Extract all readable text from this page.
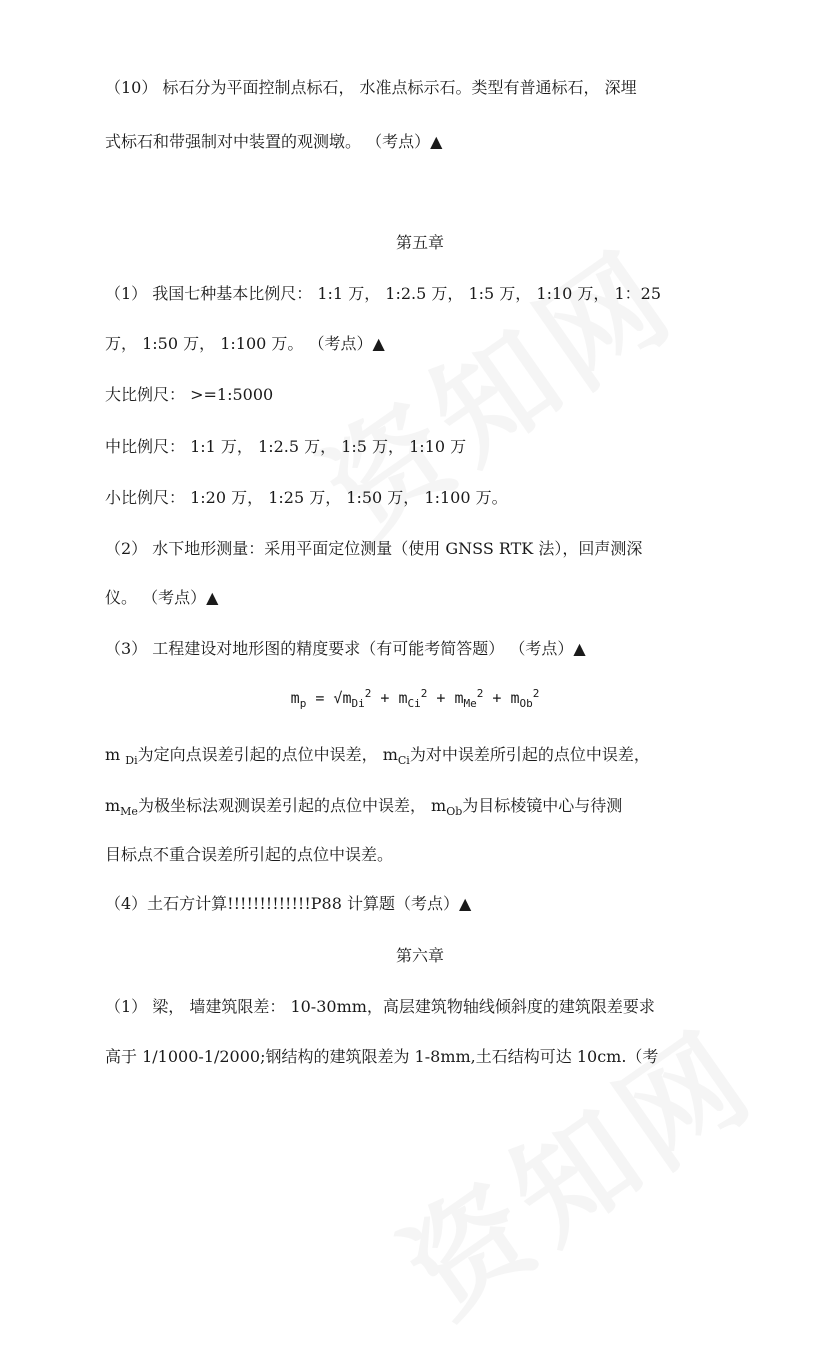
（10） 标石分为平面控制点标石， 水准点标示石。类型有普通标石， 深埋
式标石和带强制对中装置的观测墩。 （考点）▲
第五章
（1） 我国七种基本比例尺： 1:1 万， 1:2.5 万， 1:5 万， 1:10 万， 1：25
万， 1:50 万， 1:100 万。 （考点）▲
大比例尺： >=1:5000
中比例尺： 1:1 万， 1:2.5 万， 1:5 万， 1:10 万
小比例尺： 1:20 万， 1:25 万， 1:50 万， 1:100 万。
（2） 水下地形测量：采用平面定位测量（使用 GNSS RTK 法），回声测深
仪。 （考点）▲
（3） 工程建设对地形图的精度要求（有可能考简答题） （考点）▲
$m_p = √m_{Di}^2 + m_{Ci}^2 + m_{Me}^2 + m_{Ob}^2$
m $_{Di}$为定向点误差引起的点位中误差， $m_{Ci}$为对中误差所引起的点位中误差，
$m_{Me}$为极坐标法观测误差引起的点位中误差， $m_{Ob}$为目标棱镜中心与待测
目标点不重合误差所引起的点位中误差。
（4）土石方计算!!!!!!!!!!!!!P88 计算题（考点）▲
第六章
（1） 梁， 墙建筑限差： 10-30mm，高层建筑物轴线倾斜度的建筑限差要求
高于 1/1000-1/2000;钢结构的建筑限差为 1-8mm,土石结构可达 10cm.（考
